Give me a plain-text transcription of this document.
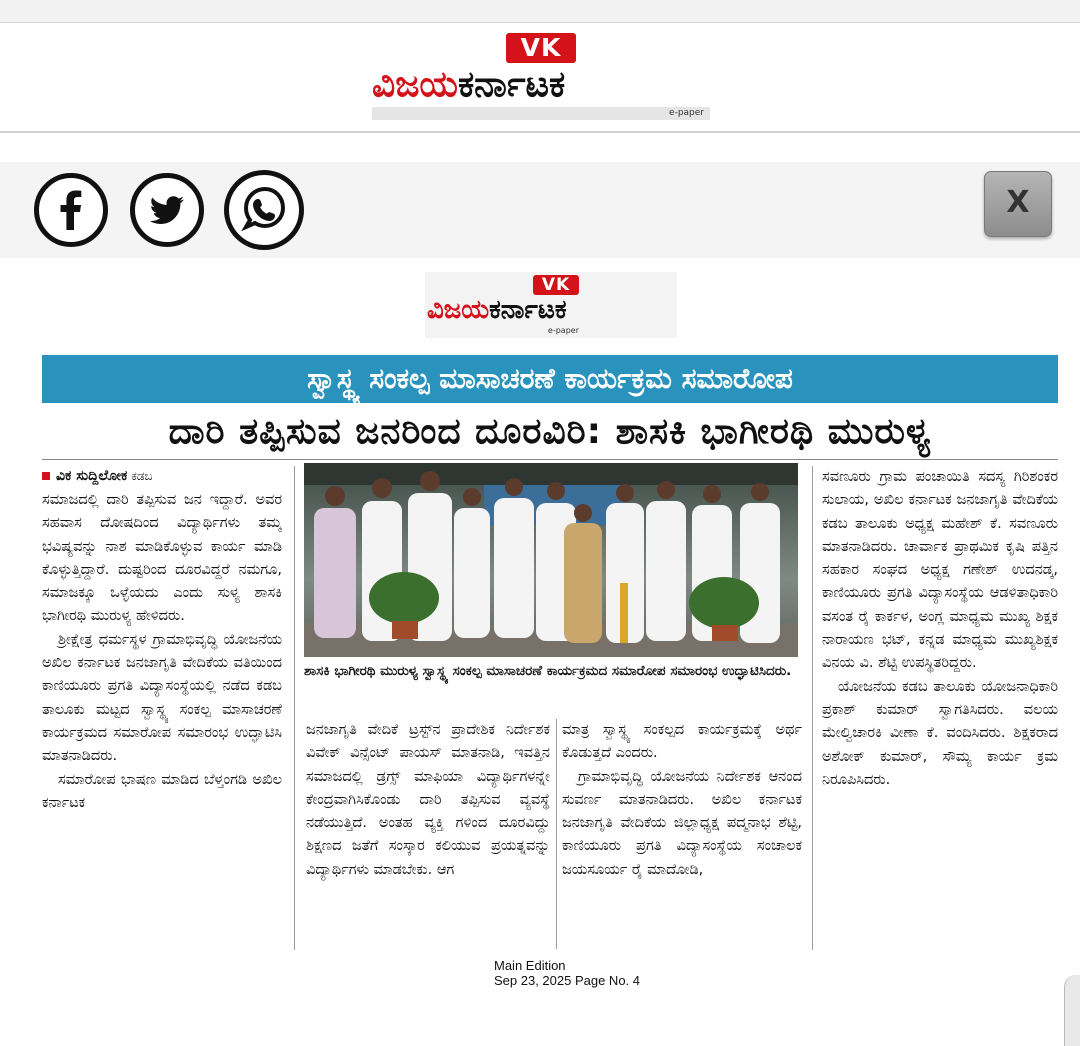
VK
ವಿಜಯಕರ್ನಾಟಕ
e-paper
X
VK
ವಿಜಯಕರ್ನಾಟಕ
e-paper
ಸ್ವಾಸ್ಥ್ಯ ಸಂಕಲ್ಪ ಮಾಸಾಚರಣೆ ಕಾರ್ಯಕ್ರಮ ಸಮಾರೋಪ
ದಾರಿ ತಪ್ಪಿಸುವ ಜನರಿಂದ ದೂರವಿರಿ: ಶಾಸಕಿ ಭಾಗೀರಥಿ ಮುರುಳ್ಯ
ವಿಕ ಸುದ್ದಿಲೋಕ ಕಡಬ

ಸಮಾಜದಲ್ಲಿ ದಾರಿ ತಪ್ಪಿಸುವ ಜನ ಇದ್ದಾರೆ. ಅವರ ಸಹವಾಸ ದೋಷದಿಂದ ವಿದ್ಯಾರ್ಥಿಗಳು ತಮ್ಮ ಭವಿಷ್ಯವನ್ನು ನಾಶ ಮಾಡಿಕೊಳ್ಳುವ ಕಾರ್ಯ ಮಾಡಿ ಕೊಳ್ಳುತ್ತಿದ್ದಾರೆ. ದುಷ್ಟರಿಂದ ದೂರವಿದ್ದರೆ ನಮಗೂ, ಸಮಾಜಕ್ಕೂ ಒಳ್ಳೆಯದು ಎಂದು ಸುಳ್ಯ ಶಾಸಕಿ ಭಾಗೀರಥಿ ಮುರುಳ್ಯ ಹೇಳಿದರು.

ಶ್ರೀಕ್ಷೇತ್ರ ಧರ್ಮಸ್ಥಳ ಗ್ರಾಮಾಭಿವೃದ್ಧಿ ಯೋಜನೆಯ ಅಖಿಲ ಕರ್ನಾಟಕ ಜನಜಾಗೃತಿ ವೇದಿಕೆಯ ವತಿಯಿಂದ ಕಾಣಿಯೂರು ಪ್ರಗತಿ ವಿದ್ಯಾಸಂಸ್ಥೆಯಲ್ಲಿ ನಡೆದ ಕಡಬ ತಾಲೂಕು ಮಟ್ಟದ ಸ್ವಾಸ್ಥ್ಯ ಸಂಕಲ್ಪ ಮಾಸಾಚರಣೆ ಕಾರ್ಯಕ್ರಮದ ಸಮಾರೋಪ ಸಮಾರಂಭ ಉದ್ಘಾಟಿಸಿ ಮಾತನಾಡಿದರು.

ಸಮಾರೋಪ ಭಾಷಣ ಮಾಡಿದ ಬೆಳ್ತಂಗಡಿ ಅಖಿಲ ಕರ್ನಾಟಕ

ಶಾಸಕಿ ಭಾಗೀರಥಿ ಮುರುಳ್ಯ ಸ್ವಾಸ್ಥ್ಯ ಸಂಕಲ್ಪ ಮಾಸಾಚರಣೆ ಕಾರ್ಯಕ್ರಮದ ಸಮಾರೋಪ ಸಮಾರಂಭ ಉದ್ಘಾಟಿಸಿದರು.

ಜನಜಾಗೃತಿ ವೇದಿಕೆ ಟ್ರಸ್ಟ್‌ನ ಪ್ರಾದೇಶಿಕ ನಿರ್ದೇಶಕ ವಿವೇಕ್ ವಿನ್ಸೆಂಟ್ ಪಾಯಸ್ ಮಾತನಾಡಿ, ಇವತ್ತಿನ ಸಮಾಜದಲ್ಲಿ ಡ್ರಗ್ಸ್ ಮಾಫಿಯಾ ವಿದ್ಯಾರ್ಥಿಗಳನ್ನೇ ಕೇಂದ್ರವಾಗಿಸಿಕೊಂಡು ದಾರಿ ತಪ್ಪಿಸುವ ವ್ಯವಸ್ಥೆ ನಡೆಯುತ್ತಿದೆ. ಅಂತಹ ವ್ಯಕ್ತಿ ಗಳಿಂದ ದೂರವಿದ್ದು ಶಿಕ್ಷಣದ ಜತೆಗೆ ಸಂಸ್ಕಾರ ಕಲಿಯುವ ಪ್ರಯತ್ನವನ್ನು ವಿದ್ಯಾರ್ಥಿಗಳು ಮಾಡಬೇಕು. ಆಗ

ಮಾತ್ರ ಸ್ವಾಸ್ಥ್ಯ ಸಂಕಲ್ಪದ ಕಾರ್ಯಕ್ರಮಕ್ಕೆ ಅರ್ಥ ಕೊಡುತ್ತದೆ ಎಂದರು.

ಗ್ರಾಮಾಭಿವೃದ್ಧಿ ಯೋಜನೆಯ ನಿರ್ದೇಶಕ ಆನಂದ ಸುವರ್ಣ ಮಾತನಾಡಿದರು. ಅಖಿಲ ಕರ್ನಾಟಕ ಜನಜಾಗೃತಿ ವೇದಿಕೆಯ ಜಿಲ್ಲಾಧ್ಯಕ್ಷ ಪದ್ಮನಾಭ ಶೆಟ್ಟಿ, ಕಾಣಿಯೂರು ಪ್ರಗತಿ ವಿದ್ಯಾಸಂಸ್ಥೆಯ ಸಂಚಾಲಕ ಜಯಸೂರ್ಯ ರೈ ಮಾದೋಡಿ,

ಸವಣೂರು ಗ್ರಾಮ ಪಂಚಾಯಿತಿ ಸದಸ್ಯ ಗಿರಿಶಂಕರ ಸುಲಾಯ, ಅಖಿಲ ಕರ್ನಾಟಕ ಜನಜಾಗೃತಿ ವೇದಿಕೆಯ ಕಡಬ ತಾಲೂಕು ಅಧ್ಯಕ್ಷ ಮಹೇಶ್ ಕೆ. ಸವಣೂರು ಮಾತನಾಡಿದರು. ಚಾರ್ವಾಕ ಪ್ರಾಥಮಿಕ ಕೃಷಿ ಪತ್ತಿನ ಸಹಕಾರ ಸಂಘದ ಅಧ್ಯಕ್ಷ ಗಣೇಶ್ ಉದನಡ್ಕ, ಕಾಣಿಯೂರು ಪ್ರಗತಿ ವಿದ್ಯಾಸಂಸ್ಥೆಯ ಆಡಳಿತಾಧಿಕಾರಿ ವಸಂತ ರೈ ಕಾರ್ಕಳ, ಅಂಗ್ಲ ಮಾಧ್ಯಮ ಮುಖ್ಯ ಶಿಕ್ಷಕ ನಾರಾಯಣ ಭಟ್, ಕನ್ನಡ ಮಾಧ್ಯಮ ಮುಖ್ಯಶಿಕ್ಷಕ ವಿನಯ ವಿ. ಶೆಟ್ಟಿ ಉಪಸ್ಥಿತರಿದ್ದರು.

ಯೋಜನೆಯ ಕಡಬ ತಾಲೂಕು ಯೋಜನಾಧಿಕಾರಿ ಪ್ರಕಾಶ್ ಕುಮಾರ್ ಸ್ವಾಗತಿಸಿದರು. ವಲಯ ಮೇಲ್ವಿಚಾರಕಿ ವೀಣಾ ಕೆ. ವಂದಿಸಿದರು. ಶಿಕ್ಷಕರಾದ ಅಶೋಕ್ ಕುಮಾರ್, ಸೌಮ್ಯ ಕಾರ್ಯ ಕ್ರಮ ನಿರೂಪಿಸಿದರು.

Main Edition
Sep 23, 2025 Page No. 4
